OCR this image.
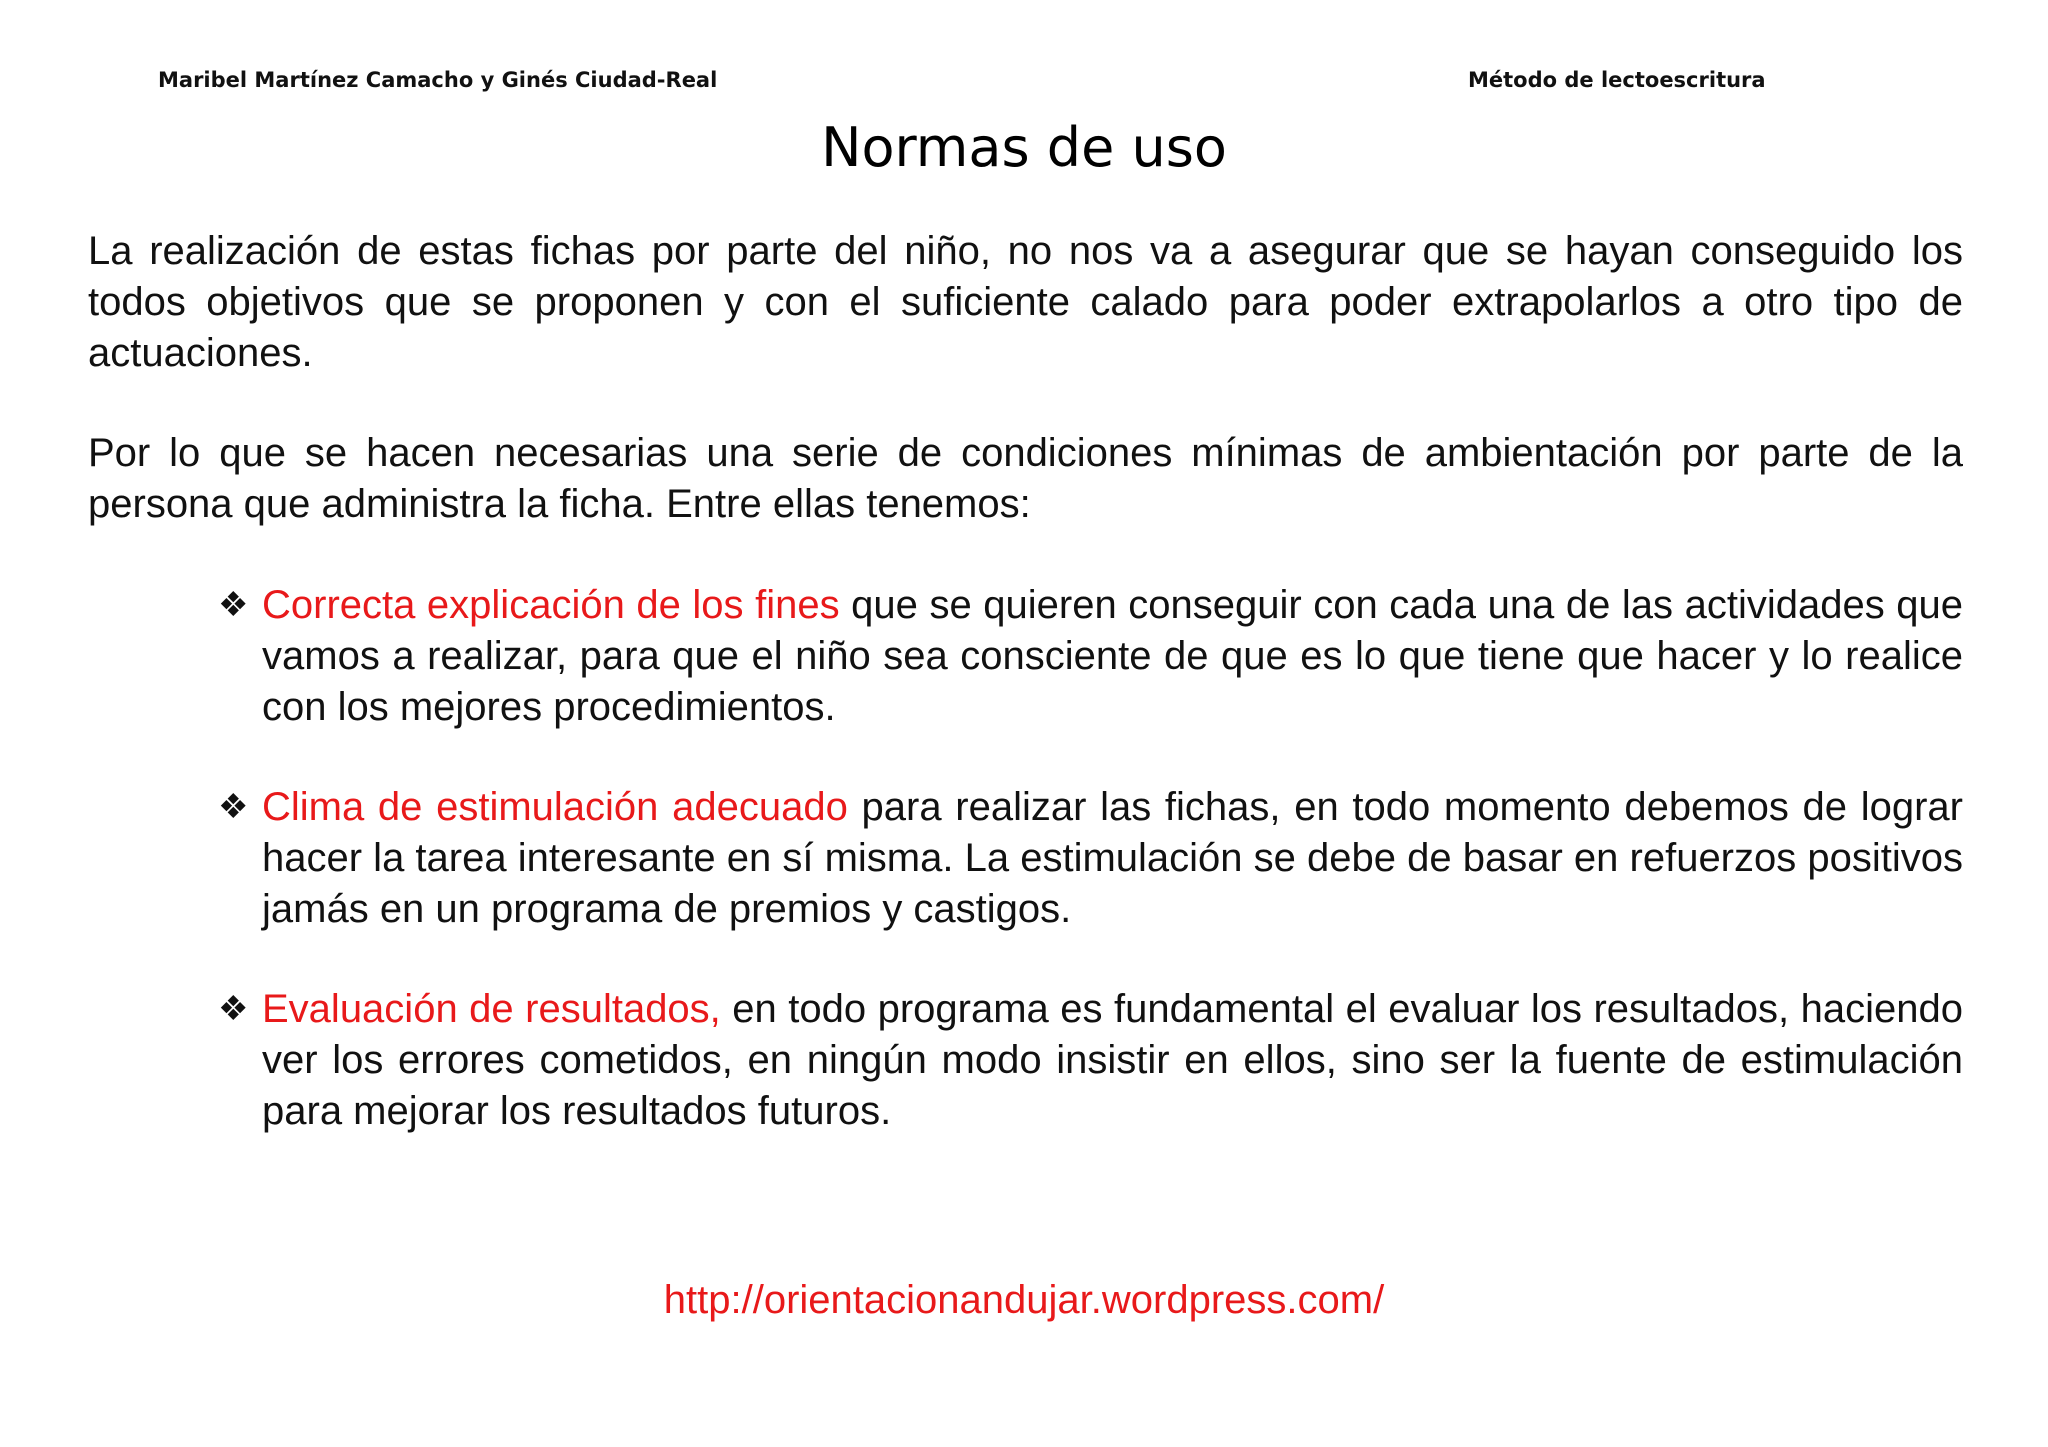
Maribel Martínez Camacho y Ginés Ciudad-Real	Método de lectoescritura
Normas de uso

La realización de estas fichas por parte del niño, no nos va a asegurar que se hayan conseguido los todos objetivos que se proponen y con el suficiente calado para poder extrapolarlos a otro tipo de actuaciones.

Por lo que se hacen necesarias una serie de condiciones mínimas de ambientación por parte de la persona que administra la ficha. Entre ellas tenemos:

❖ Correcta explicación de los fines que se quieren conseguir con cada una de las actividades que vamos a realizar, para que el niño sea consciente de que es lo que tiene que hacer y lo realice con los mejores procedimientos.

❖ Clima de estimulación adecuado para realizar las fichas, en todo momento debemos de lograr hacer la tarea interesante en sí misma. La estimulación se debe de basar en refuerzos positivos jamás en un programa de premios y castigos.

❖ Evaluación de resultados, en todo programa es fundamental el evaluar los resultados, haciendo ver los errores cometidos, en ningún modo insistir en ellos, sino ser la fuente de estimulación para mejorar los resultados futuros.

http://orientacionandujar.wordpress.com/
